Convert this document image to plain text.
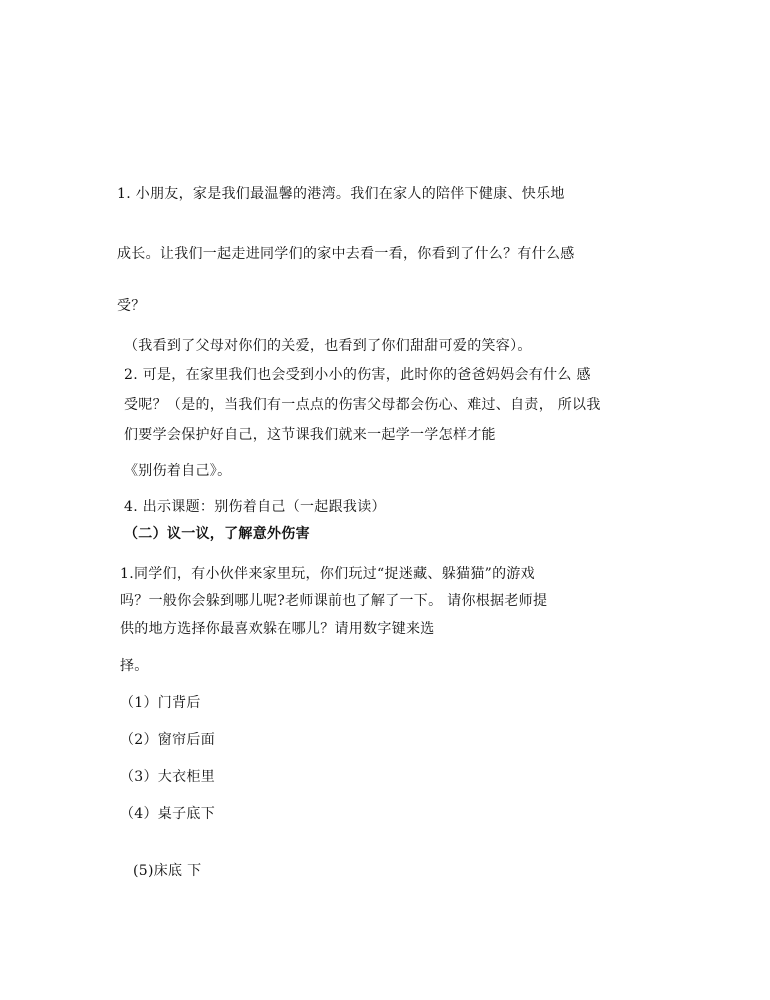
1. 小朋友，家是我们最温馨的港湾。我们在家人的陪伴下健康、快乐地
成长。让我们一起走进同学们的家中去看一看，你看到了什么？有什么感
受？
（我看到了父母对你们的关爱，也看到了你们甜甜可爱的笑容）。
2. 可是，在家里我们也会受到小小的伤害，此时你的爸爸妈妈会有什么 感
受呢？（是的，当我们有一点点的伤害父母都会伤心、难过、自责， 所以我
们要学会保护好自己，这节课我们就来一起学一学怎样才能
《别伤着自己》。
4. 出示课题：别伤着自己（一起跟我读）
（二）议一议，了解意外伤害
1.同学们，有小伙伴来家里玩，你们玩过“捉迷藏、躲猫猫”的游戏
吗？一般你会躲到哪儿呢?老师课前也了解了一下。 请你根据老师提
供的地方选择你最喜欢躲在哪儿？请用数字键来选
择。
（1）门背后
（2）窗帘后面
（3）大衣柜里
（4）桌子底下
(5)床底 下
